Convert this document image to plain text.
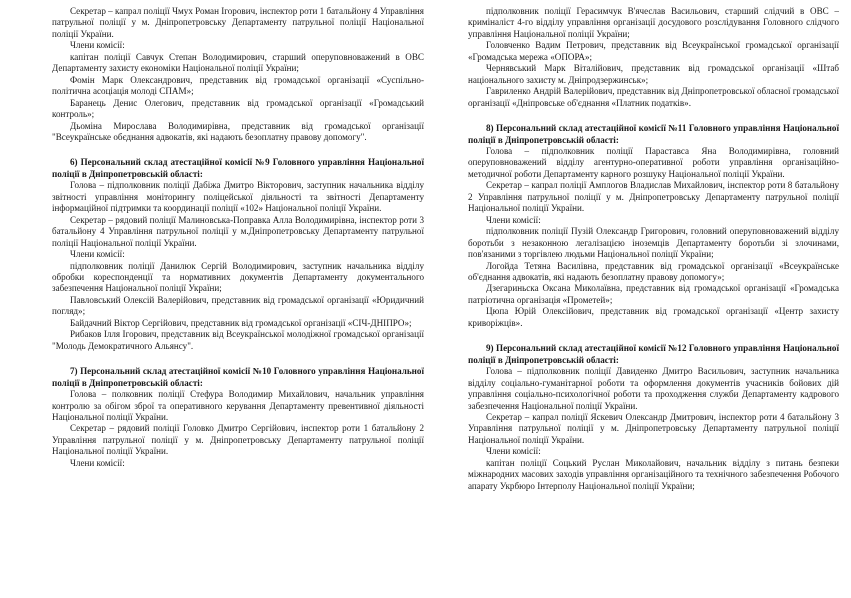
Секретар – капрал поліції Чмух Роман Ігорович, інспектор роти 1 батальйону 4 Управління патрульної поліції у м. Дніпропетровську Департаменту патрульної поліції Національної поліції України.

Члени комісії:

капітан поліції Савчук Степан Володимирович, старший оперуповноважений в ОВС Департаменту захисту економіки Національної поліції України;

Фомін Марк Олександрович, представник від громадської організації «Суспільно-політична асоціація молоді СПАМ»;

Баранець Денис Олегович, представник від громадської організації «Громадський контроль»;

Дьоміна Мирослава Володимирівна, представник від громадської організації "Всеукраїнське обєднання адвокатів, які надають безоплатну правову допомогу".

6) Персональний склад атестаційної комісії №9 Головного управління Національної поліції в Дніпропетровській області:

Голова – підполковник поліції Дабіжа Дмитро Вікторович, заступник начальника відділу звітності управління моніторингу поліцейської діяльності та звітності Департаменту інформаційної підтримки та координації поліції «102» Національної поліції України.

Секретар – рядовий поліції Малиновська-Поправка Алла Володимирівна, інспектор роти 3 батальйону 4 Управління патрульної поліції у м.Дніпропетровську Департаменту патрульної поліції Національної поліції України.

Члени комісії:

підполковник поліції Данилюк Сергій Володимирович, заступник начальника відділу обробки кореспонденції та нормативних документів Департаменту документального забезпечення Національної поліції України;

Павловський Олексій Валерійович, представник від громадської організації «Юридичний погляд»;

Байдачний Віктор Сергійович, представник від громадської організації «СІЧ-ДНІПРО»;

Рибаков Ілля Ігорович, представник від Всеукраїнської молодіжної громадської організації "Молодь Демократичного Альянсу".

7) Персональний склад атестаційної комісії №10 Головного управління Національної поліції в Дніпропетровській області:

Голова – полковник поліції Стефура Володимир Михайлович, начальник управління контролю за обігом зброї та оперативного керування Департаменту превентивної діяльності Національної поліції України.

Секретар – рядовий поліції Головко Дмитро Сергійович, інспектор роти 1 батальйону 2 Управління патрульної поліції у м. Дніпропетровську Департаменту патрульної поліції Національної поліції України.

Члени комісії:

підполковник поліції Герасимчук В'ячеслав Васильович, старший слідчий в ОВС – криміналіст 4-го відділу управління організації досудового розслідування Головного слідчого управління Національної поліції України;

Головченко Вадим Петрович, представник від Всеукраїнської громадської організації «Громадська мережа «ОПОРА»;

Чернявський Марк Віталійович, представник від громадської організації «Штаб національного захисту м. Дніпродзержинськ»;

Гавриленко Андрій Валерійович, представник від Дніпропетровської обласної громадської організації «Дніпровське об'єднання «Платник податків».

8) Персональний склад атестаційної комісії №11 Головного управління Національної поліції в Дніпропетровській області:

Голова – підполковник поліції Параставса Яна Володимирівна, головний оперуповноважений відділу агентурно-оперативної роботи управління організаційно-методичної роботи Департаменту карного розшуку Національної поліції України.

Секретар – капрал поліції Амплогов Владислав Михайлович, інспектор роти 8 батальйону 2 Управління патрульної поліції у м. Дніпропетровську Департаменту патрульної поліції Національної поліції України.

Члени комісії:

підполковник поліції Пузій Олександр Григорович, головний оперуповноважений відділу боротьби з незаконною легалізацією іноземців Департаменту боротьби зі злочинами, пов'язаними з торгівлею людьми Національної поліції України;

Логойда Тетяна Василівна, представник від громадської організації «Всеукраїнське об'єднання адвокатів, які надають безоплатну правову допомогу»;

Дзегариньска Оксана Миколаївна, представник від громадської організації «Громадська патріотична організація «Прометей»;

Цюпа Юрій Олексійович, представник від громадської організації «Центр захисту криворіжців».

9) Персональний склад атестаційної комісії №12 Головного управління Національної поліції в Дніпропетровській області:

Голова – підполковник поліції Давиденко Дмитро Васильович, заступник начальника відділу соціально-гуманітарної роботи та оформлення документів учасників бойових дій управління соціально-психологічної роботи та проходження служби Департаменту кадрового забезпечення Національної поліції України.

Секретар – капрал поліції Яскевич Олександр Дмитрович, інспектор роти 4 батальйону 3 Управління патрульної поліції у м. Дніпропетровську Департаменту патрульної поліції Національної поліції України.

Члени комісії:

капітан поліції Соцький Руслан Миколайович, начальник відділу з питань безпеки міжнародних масових заходів управління організаційного та технічного забезпечення Робочого апарату Укрбюро Інтерполу Національної поліції України;
